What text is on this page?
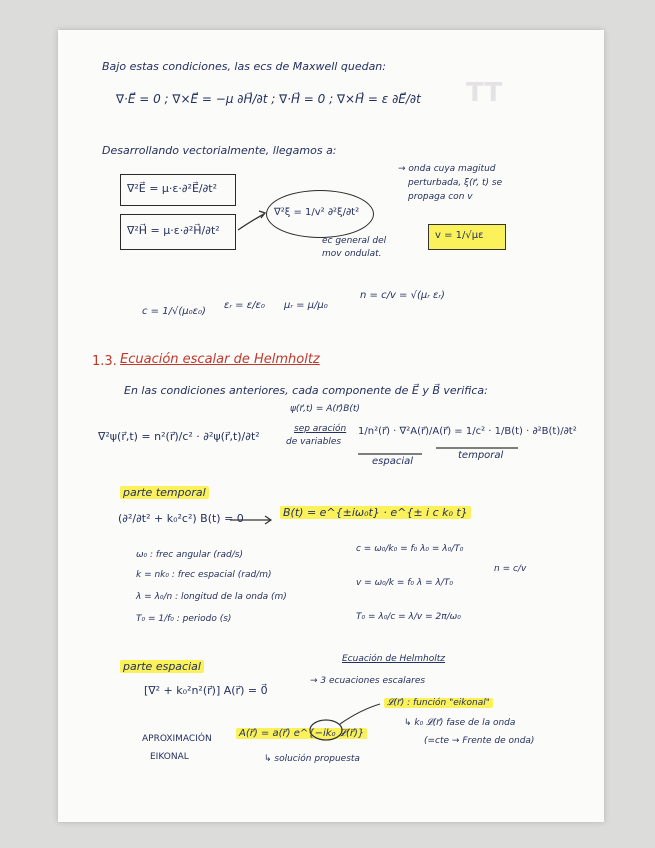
TT
Bajo estas condiciones, las ecs de Maxwell quedan:
∇·E⃗ = 0 ; ∇×E⃗ = −μ ∂H⃗/∂t ; ∇·H⃗ = 0 ; ∇×H⃗ = ε ∂E⃗/∂t
Desarrollando vectorialmente, llegamos a:
∇²E⃗ = μ·ε·∂²E⃗/∂t²
∇²H⃗ = μ·ε·∂²H⃗/∂t²
∇²ξ = 1/v² ∂²ξ/∂t²
ec general del
mov ondulat.
→ onda cuya magitud
perturbada, ξ(r⃗, t) se
propaga con v
v = 1/√με
c = 1/√(μ₀ε₀)
εᵣ = ε/ε₀ μᵣ = μ/μ₀
n = c/v = √(μᵣ εᵣ)
1.3. Ecuación escalar de Helmholtz
En las condiciones anteriores, cada componente de E⃗ y B⃗ verifica:
ψ(r⃗,t) = A(r⃗)B(t)
∇²ψ(r⃗,t) = n²(r⃗)/c² · ∂²ψ(r⃗,t)/∂t²
sep aración
de variables
1/n²(r⃗) · ∇²A(r⃗)/A(r⃗) = 1/c² · 1/B(t) · ∂²B(t)/∂t²
espacial
temporal
parte temporal
(∂²/∂t² + k₀²c²) B(t) = 0	B(t) = e^{±iω₀t} · e^{± i c k₀ t}
ω₀ : frec angular (rad/s)
k = nk₀ : frec espacial (rad/m)
λ = λ₀/n : longitud de la onda (m)
T₀ = 1/f₀ : periodo (s)
c = ω₀/k₀ = f₀ λ₀ = λ₀/T₀
v = ω₀/k = f₀ λ = λ/T₀
T₀ = λ₀/c = λ/v = 2π/ω₀
n = c/v
parte espacial
Ecuación de Helmholtz
[∇² + k₀²n²(r⃗)] A(r⃗) = 0⃗
→ 3 ecuaciones escalares
APROXIMACIÓN
EIKONAL
A(r⃗) = a(r⃗) e^{−ik₀ 𝓛(r⃗)}
𝓛(r⃗) : función "eikonal"
↳ k₀ 𝓛(r⃗) fase de la onda
(=cte → Frente de onda)
↳ solución propuesta
